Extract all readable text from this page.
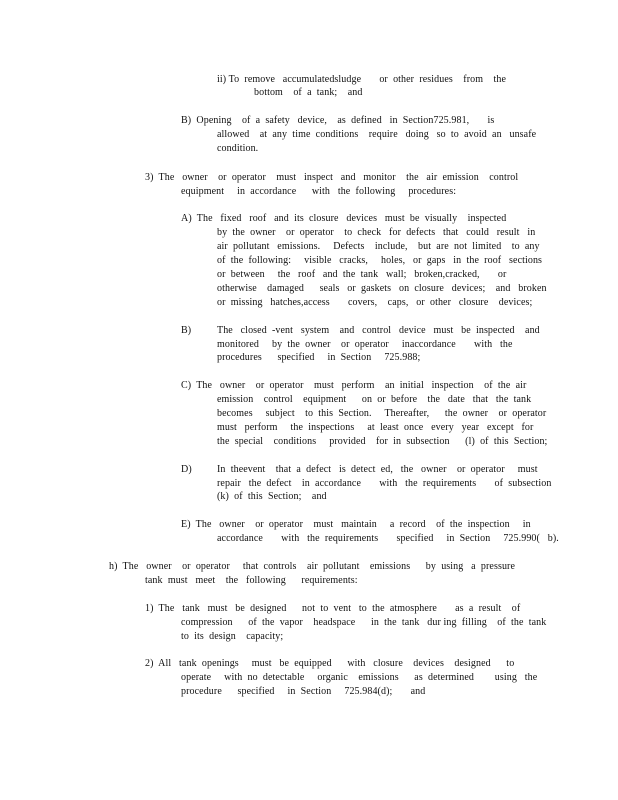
ii) To  remove   accumulatedsludge       or  other  residues    from    the
bottom    of  a  tank;    and
B)  Opening    of  a  safety   device,    as  defined   in  Section725.981,       is
allowed    at  any  time  conditions    require   doing   so  to  avoid  an   unsafe
condition.
3)  The   owner    or  operator    must   inspect   and   monitor    the   air  emission    control
equipment     in  accordance      with   the  following     procedures:
A)  The   fixed   roof   and  its  closure   devices   must  be  visually    inspected
by  the  owner    or  operator    to  check   for  defects   that   could   result   in
air  pollutant   emissions.     Defects    include,    but  are  not  limited    to  any
of  the  following:     visible   cracks,     holes,   or  gaps   in  the  roof   sections
or  between     the   roof   and  the  tank   wall;   broken,cracked,       or
otherwise    damaged      seals   or  gaskets   on  closure   devices;    and   broken
or  missing   hatches,access       covers,    caps,   or  other   closure    devices;
B)	The   closed  -vent   system    and   control   device   must   be  inspected    and
monitored     by  the  owner    or  operator     inaccordance       with   the
procedures      specified     in  Section     725.988;
C)  The   owner    or  operator    must   perform    an  initial   inspection    of  the  air
emission    control    equipment      on  or  before    the   date   that   the  tank
becomes     subject    to  this  Section.     Thereafter,      the  owner    or  operator
must   perform     the  inspections     at  least  once   every   year   except   for
the  special    conditions     provided    for  in  subsection      (l)  of  this  Section;
D)	In  theevent    that  a  defect   is  detect  ed,   the   owner    or  operator     must
repair   the  defect    in  accordance       with   the  requirements       of  subsection
(k)  of  this  Section;    and
E)  The   owner    or  operator    must   maintain     a  record    of  the  inspection     in
accordance       with   the  requirements       specified     in  Section     725.990(   b).
h)  The   owner    or  operator     that  controls    air  pollutant    emissions      by  using   a  pressure
tank  must   meet    the   following      requirements:
1)  The   tank   must   be  designed      not  to  vent   to  the  atmosphere       as  a  result    of
compression      of  the  vapor    headspace      in  the  tank   dur ing  filling    of  the  tank
to  its  design    capacity;
2)  All   tank  openings     must   be  equipped      with   closure    devices    designed      to
operate     with  no  detectable     organic    emissions      as  determined        using   the
procedure      specified     in  Section     725.984(d);       and
